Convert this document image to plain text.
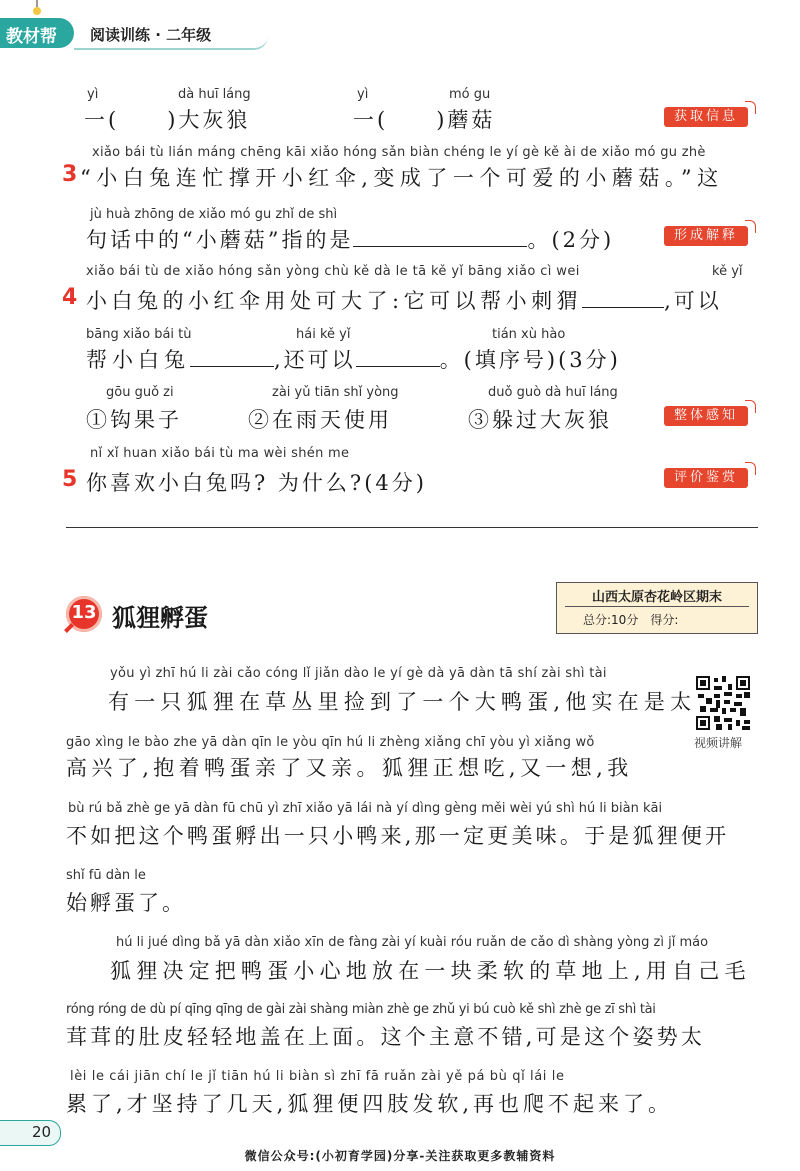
教材帮 阅读训练 · 二年级
yì	dà huī láng	yì	mó gu
一(　　)大灰狼	一(　　)蘑菇	获取信息
xiǎo bái tù lián máng chēng kāi xiǎo hóng sǎn biàn chéng le yí gè kě ài de xiǎo mó gu zhè
3 “小白兔连忙撑开小红伞,变成了一个可爱的小蘑菇。”这
jù huà zhōng de xiǎo mó gu zhǐ de shì
句话中的“小蘑菇”指的是	。(2分)	形成解释
xiǎo bái tù de xiǎo hóng sǎn yòng chù kě dà le tā kě yǐ bāng xiǎo cì wei	kě yǐ
4 小白兔的小红伞用处可大了:它可以帮小刺猬	,可以
bāng xiǎo bái tù	hái kě yǐ	tián xù hào
帮小白兔	,还可以	。(填序号)(3分)
gōu guǒ zi	zài yǔ tiān shǐ yòng	duǒ guò dà huī láng
①钩果子	②在雨天使用	③躲过大灰狼	整体感知
nǐ xǐ huan xiǎo bái tù ma wèi shén me
5 你喜欢小白兔吗? 为什么?(4分)	评价鉴赏
13 狐狸孵蛋
山西太原杏花岭区期末
总分:10分　得分:
视频讲解
yǒu yì zhī hú li zài cǎo cóng lǐ jiǎn dào le yí gè dà yā dàn tā shí zài shì tài
有一只狐狸在草丛里捡到了一个大鸭蛋,他实在是太
gāo xìng le bào zhe yā dàn qīn le yòu qīn hú li zhèng xiǎng chī yòu yì xiǎng wǒ
高兴了,抱着鸭蛋亲了又亲。狐狸正想吃,又一想,我
bù rú bǎ zhè ge yā dàn fū chū yì zhī xiǎo yā lái nà yí dìng gèng měi wèi yú shì hú li biàn kāi
不如把这个鸭蛋孵出一只小鸭来,那一定更美味。于是狐狸便开
shǐ fū dàn le
始孵蛋了。
hú li jué dìng bǎ yā dàn xiǎo xīn de fàng zài yí kuài róu ruǎn de cǎo dì shàng yòng zì jǐ máo
狐狸决定把鸭蛋小心地放在一块柔软的草地上,用自己毛
róng róng de dù pí qīng qīng de gài zài shàng miàn zhè ge zhǔ yi bú cuò kě shì zhè ge zī shì tài
茸茸的肚皮轻轻地盖在上面。这个主意不错,可是这个姿势太
lèi le cái jiān chí le jǐ tiān hú li biàn sì zhī fā ruǎn zài yě pá bù qǐ lái le
累了,才坚持了几天,狐狸便四肢发软,再也爬不起来了。
20
微信公众号:(小初育学园)分享-关注获取更多教辅资料
